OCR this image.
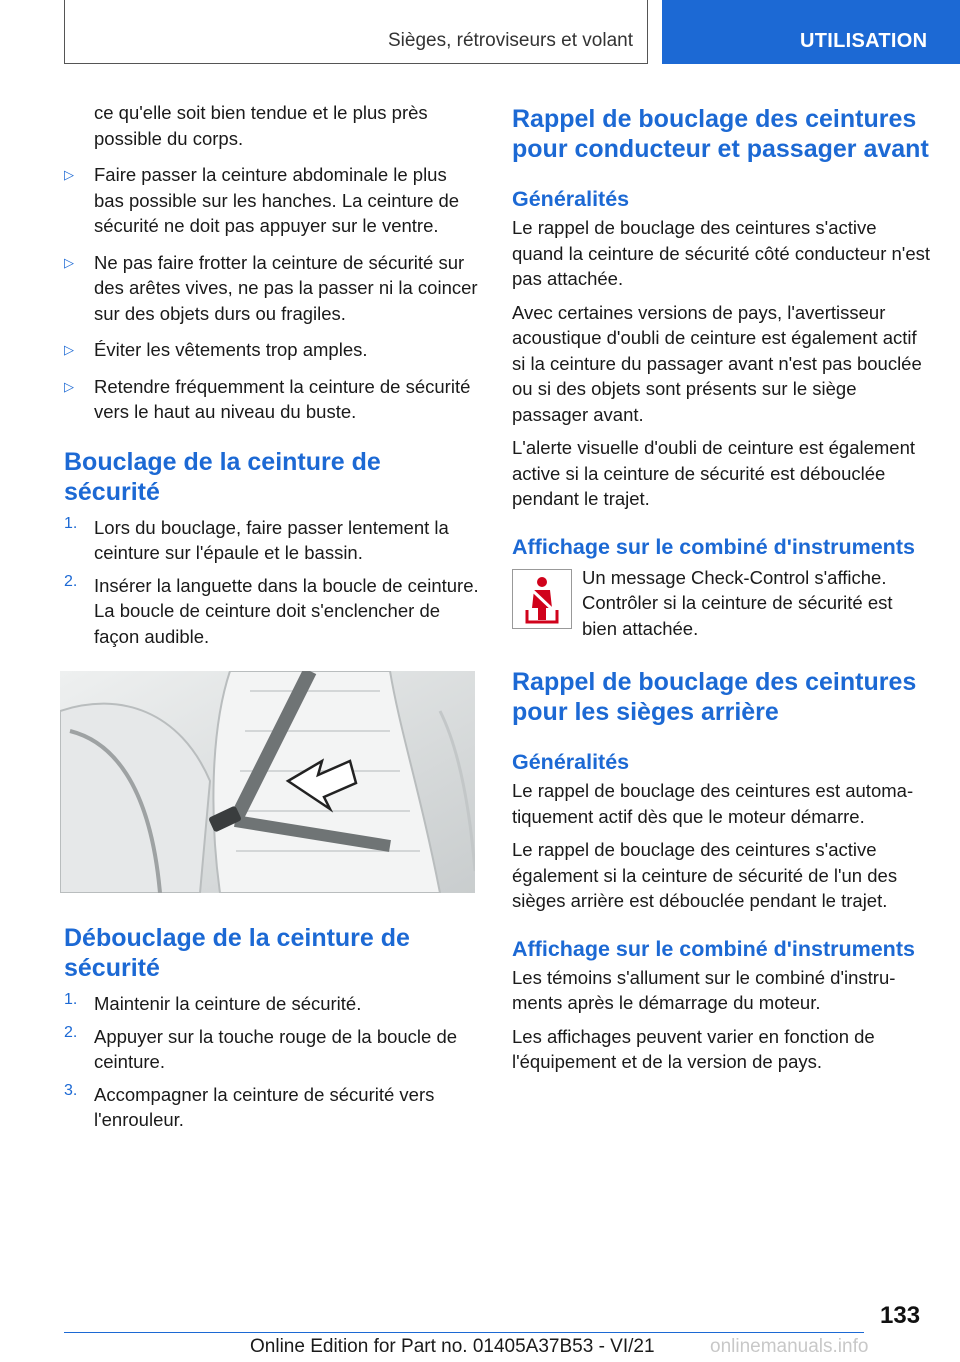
Sièges, rétroviseurs et volant	UTILISATION

ce qu'elle soit bien tendue et le plus près possible du corps.

▷ Faire passer la ceinture abdominale le plus bas possible sur les hanches. La ceinture de sécurité ne doit pas appuyer sur le ventre.

▷ Ne pas faire frotter la ceinture de sécurité sur des arêtes vives, ne pas la passer ni la coincer sur des objets durs ou fragiles.

▷ Éviter les vêtements trop amples.

▷ Retendre fréquemment la ceinture de sécurité vers le haut au niveau du buste.

Bouclage de la ceinture de sécurité
1. Lors du bouclage, faire passer lentement la ceinture sur l'épaule et le bassin.

2. Insérer la languette dans la boucle de ceinture. La boucle de ceinture doit s'enclencher de façon audible.

Débouclage de la ceinture de sécurité
1. Maintenir la ceinture de sécurité.

2. Appuyer sur la touche rouge de la boucle de ceinture.

3. Accompagner la ceinture de sécurité vers l'enrouleur.

Rappel de bouclage des ceintures pour conducteur et passager avant
Généralités

Le rappel de bouclage des ceintures s'active quand la ceinture de sécurité côté conducteur n'est pas attachée.

Avec certaines versions de pays, l'avertisseur acoustique d'oubli de ceinture est également actif si la ceinture du passager avant n'est pas bouclée ou si des objets sont présents sur le siège passager avant.

L'alerte visuelle d'oubli de ceinture est également active si la ceinture de sécurité est débouclée pendant le trajet.

Affichage sur le combiné d'instruments

Un message Check-Control s'affiche. Contrôler si la ceinture de sécurité est bien attachée.

Rappel de bouclage des ceintures pour les sièges arrière
Généralités

Le rappel de bouclage des ceintures est automatiquement actif dès que le moteur démarre.

Le rappel de bouclage des ceintures s'active également si la ceinture de sécurité de l'un des sièges arrière est débouclée pendant le trajet.

Affichage sur le combiné d'instruments

Les témoins s'allument sur le combiné d'instruments après le démarrage du moteur.

Les affichages peuvent varier en fonction de l'équipement et de la version de pays.

133
Online Edition for Part no. 01405A37B53 - VI/21	onlinemanuals.info
